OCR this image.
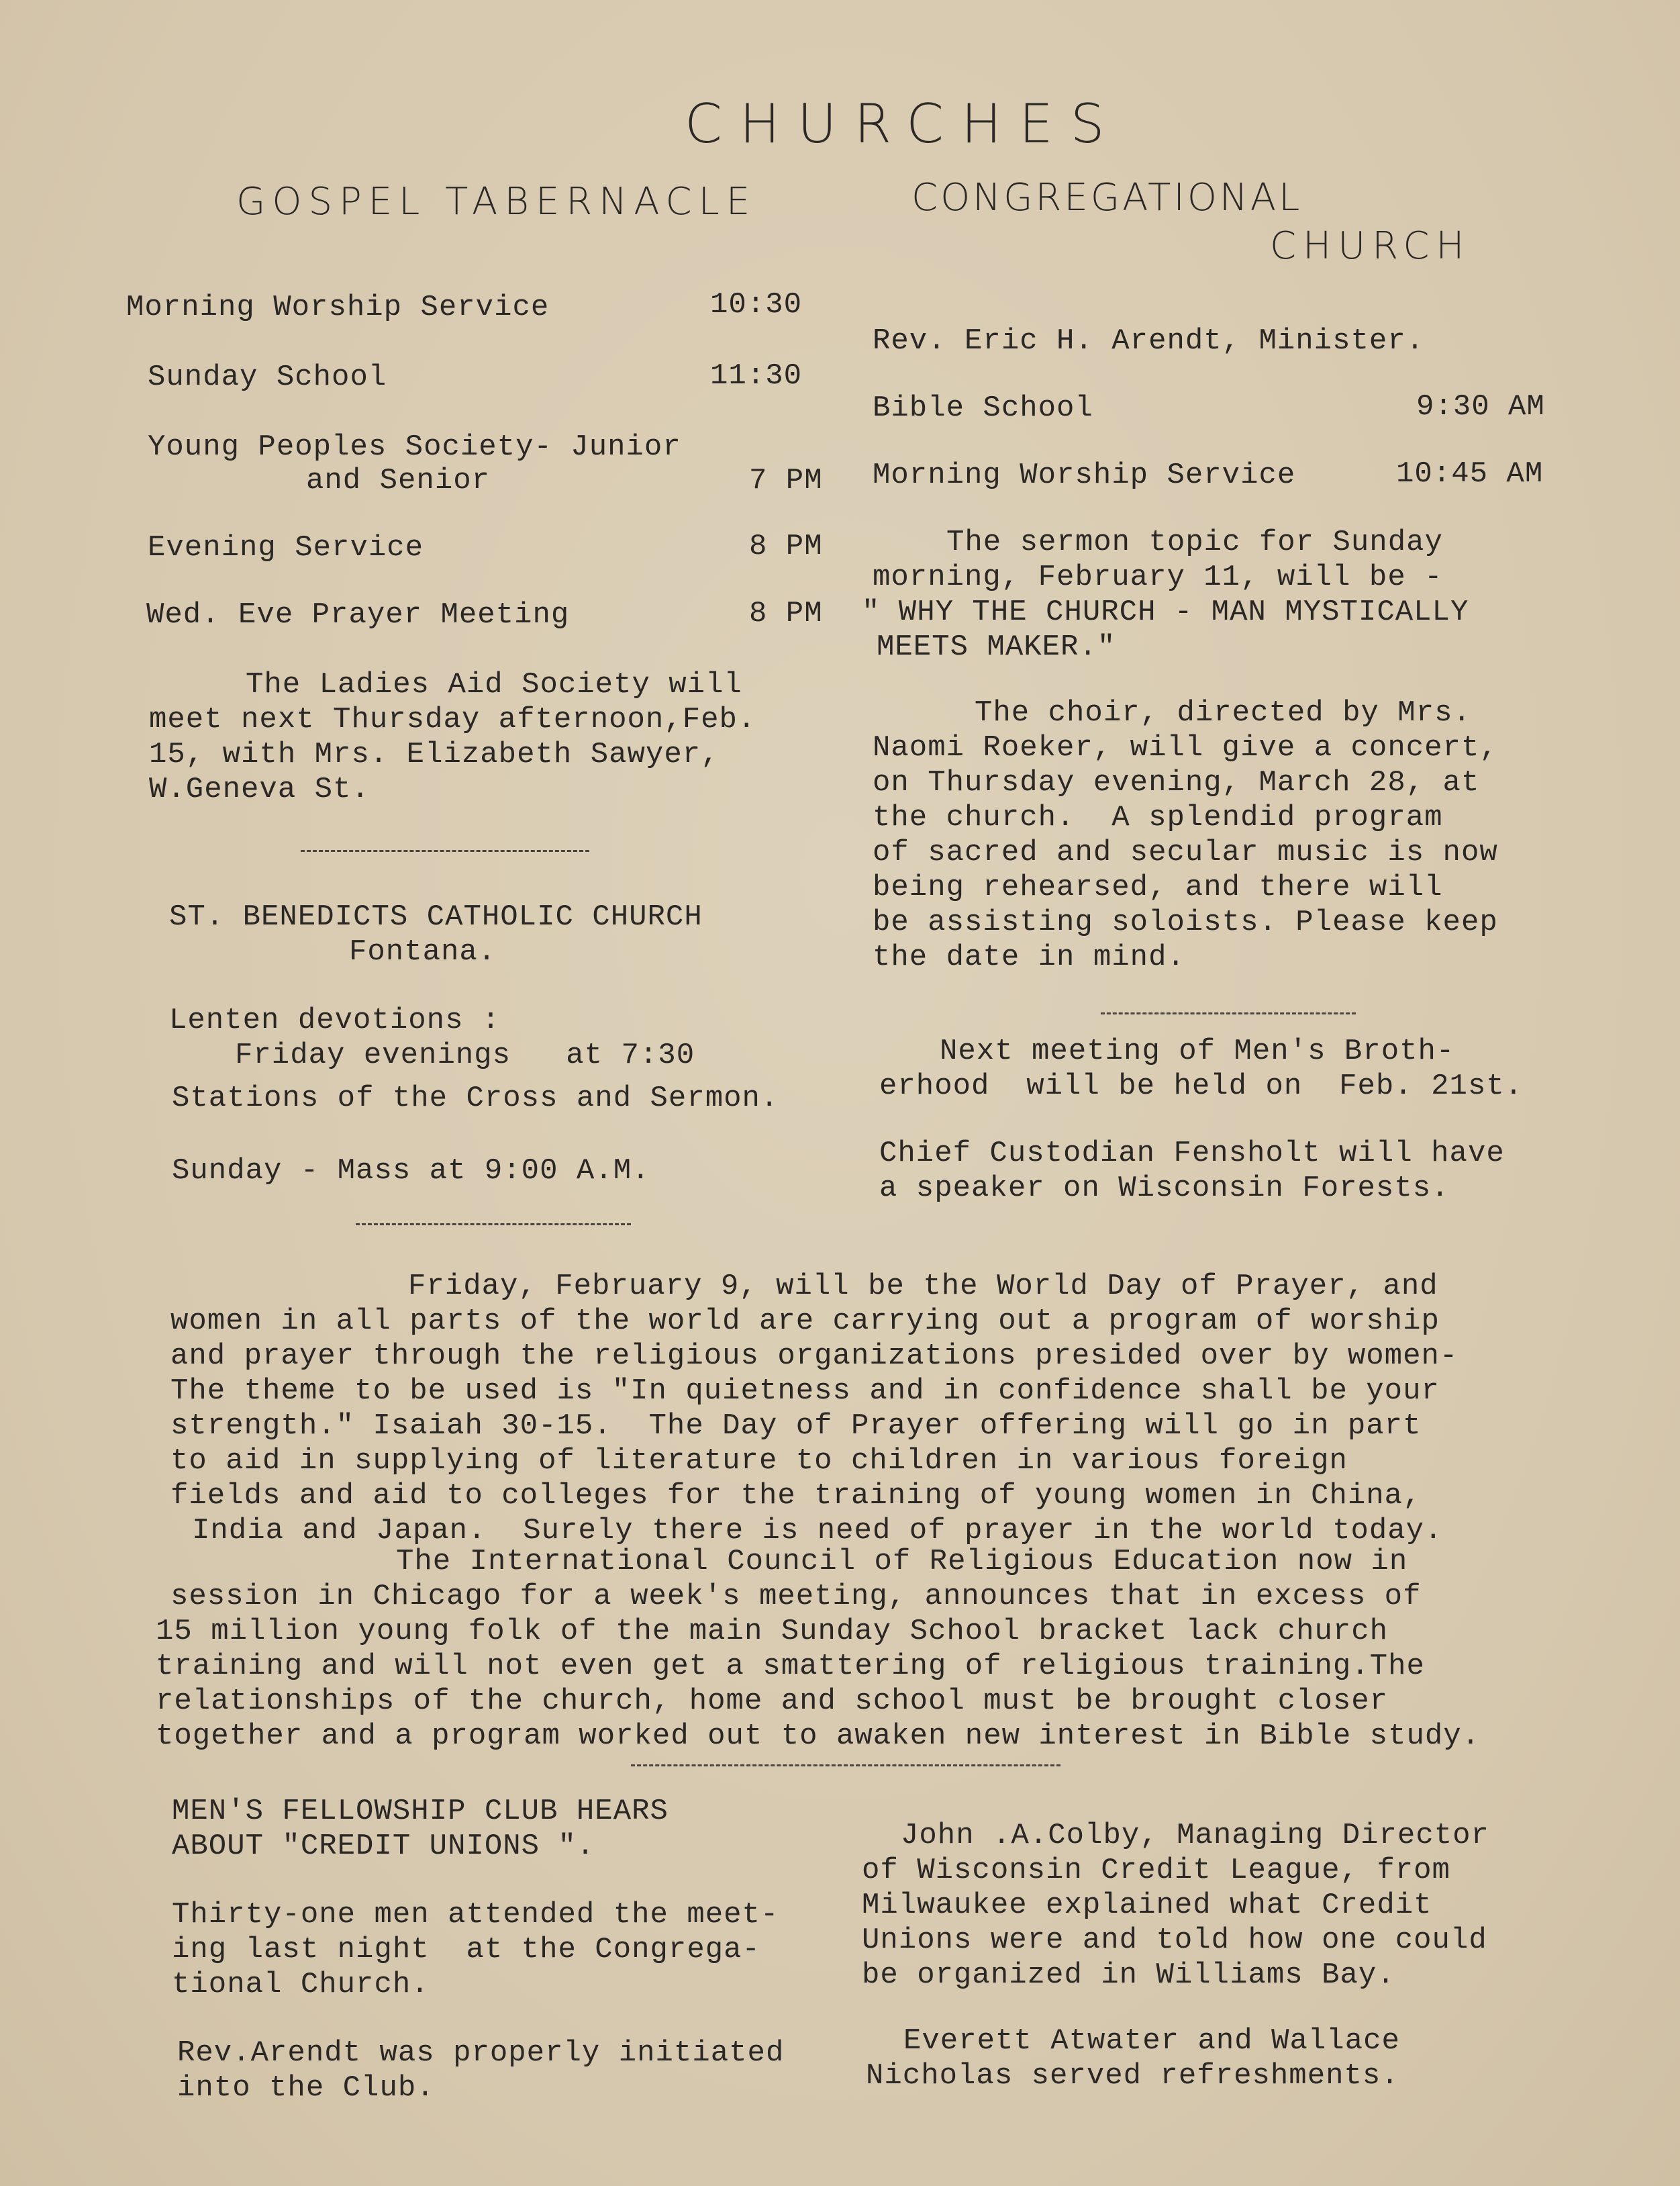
CHURCHES
GOSPEL TABERNACLE	CONGREGATIONAL
CHURCH
Morning Worship Service	10:30
Sunday School	11:30
Young Peoples Society- Junior
and Senior	7 PM
Evening Service	8 PM
Wed. Eve Prayer Meeting	8 PM
The Ladies Aid Society will
meet next Thursday afternoon,Feb.
15, with Mrs. Elizabeth Sawyer,
W.Geneva St.
ST. BENEDICTS CATHOLIC CHURCH
Fontana.
Lenten devotions :
Friday evenings   at 7:30
Stations of the Cross and Sermon.
Sunday - Mass at 9:00 A.M.
Rev. Eric H. Arendt, Minister.
Bible School	9:30 AM
Morning Worship Service	10:45 AM
The sermon topic for Sunday
morning, February 11, will be -
" WHY THE CHURCH - MAN MYSTICALLY
MEETS MAKER."
The choir, directed by Mrs.
Naomi Roeker, will give a concert,
on Thursday evening, March 28, at
the church.  A splendid program
of sacred and secular music is now
being rehearsed, and there will
be assisting soloists. Please keep
the date in mind.
Next meeting of Men's Broth-
erhood  will be held on  Feb. 21st.
Chief Custodian Fensholt will have
a speaker on Wisconsin Forests.
Friday, February 9, will be the World Day of Prayer, and
women in all parts of the world are carrying out a program of worship
and prayer through the religious organizations presided over by women-
The theme to be used is "In quietness and in confidence shall be your
strength." Isaiah 30-15.  The Day of Prayer offering will go in part
to aid in supplying of literature to children in various foreign
fields and aid to colleges for the training of young women in China,
India and Japan.  Surely there is need of prayer in the world today.
The International Council of Religious Education now in
session in Chicago for a week's meeting, announces that in excess of
15 million young folk of the main Sunday School bracket lack church
training and will not even get a smattering of religious training.The
relationships of the church, home and school must be brought closer
together and a program worked out to awaken new interest in Bible study.
MEN'S FELLOWSHIP CLUB HEARS
ABOUT "CREDIT UNIONS ".
Thirty-one men attended the meet-
ing last night  at the Congrega-
tional Church.
Rev.Arendt was properly initiated
into the Club.
John .A.Colby, Managing Director
of Wisconsin Credit League, from
Milwaukee explained what Credit
Unions were and told how one could
be organized in Williams Bay.
Everett Atwater and Wallace
Nicholas served refreshments.
